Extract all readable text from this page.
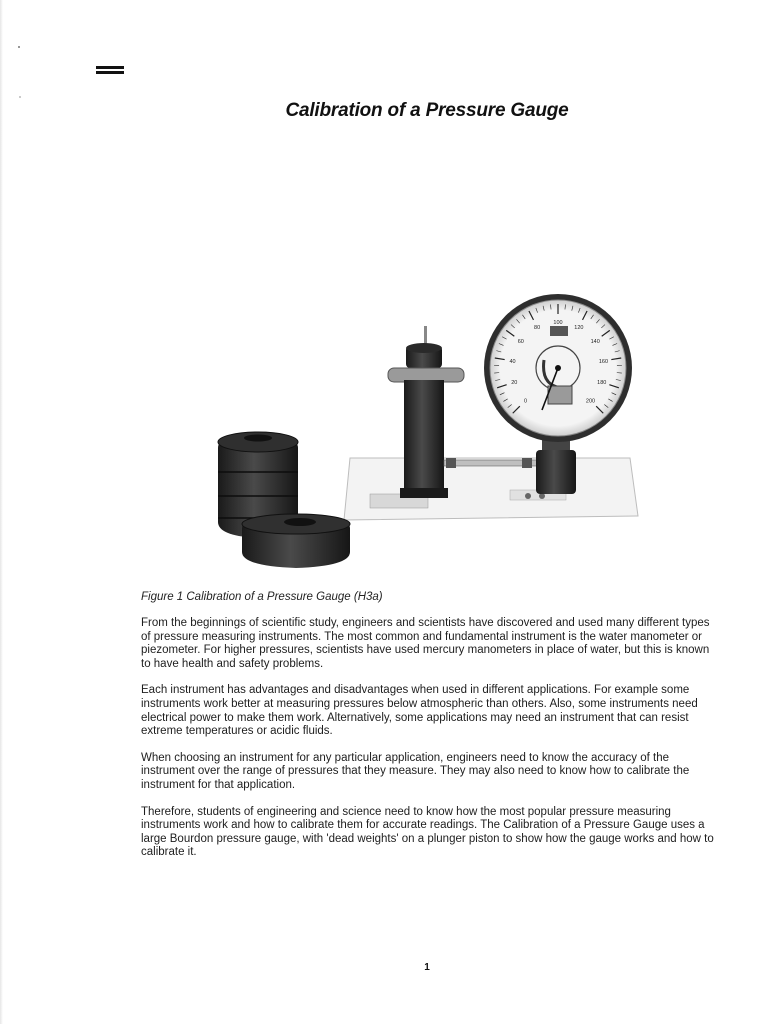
Calibration of a Pressure Gauge
0
20
40
60
80
100
120
140
160
180
200

Figure 1 Calibration of a Pressure Gauge (H3a)

From the beginnings of scientific study, engineers and scientists have discovered and used many different types of pressure measuring instruments. The most common and fundamental instrument is the water manometer or piezometer. For higher pressures, scientists have used mercury manometers in place of water, but this is known to have health and safety problems.

Each instrument has advantages and disadvantages when used in different applications. For example some instruments work better at measuring pressures below atmospheric than others. Also, some instruments need electrical power to make them work. Alternatively, some applications may need an instrument that can resist extreme temperatures or acidic fluids.

When choosing an instrument for any particular application, engineers need to know the accuracy of the instrument over the range of pressures that they measure. They may also need to know how to calibrate the instrument for that application.

Therefore, students of engineering and science need to know how the most popular pressure measuring instruments work and how to calibrate them for accurate readings. The Calibration of a Pressure Gauge uses a large Bourdon pressure gauge, with 'dead weights' on a plunger piston to show how the gauge works and how to calibrate it.

1
